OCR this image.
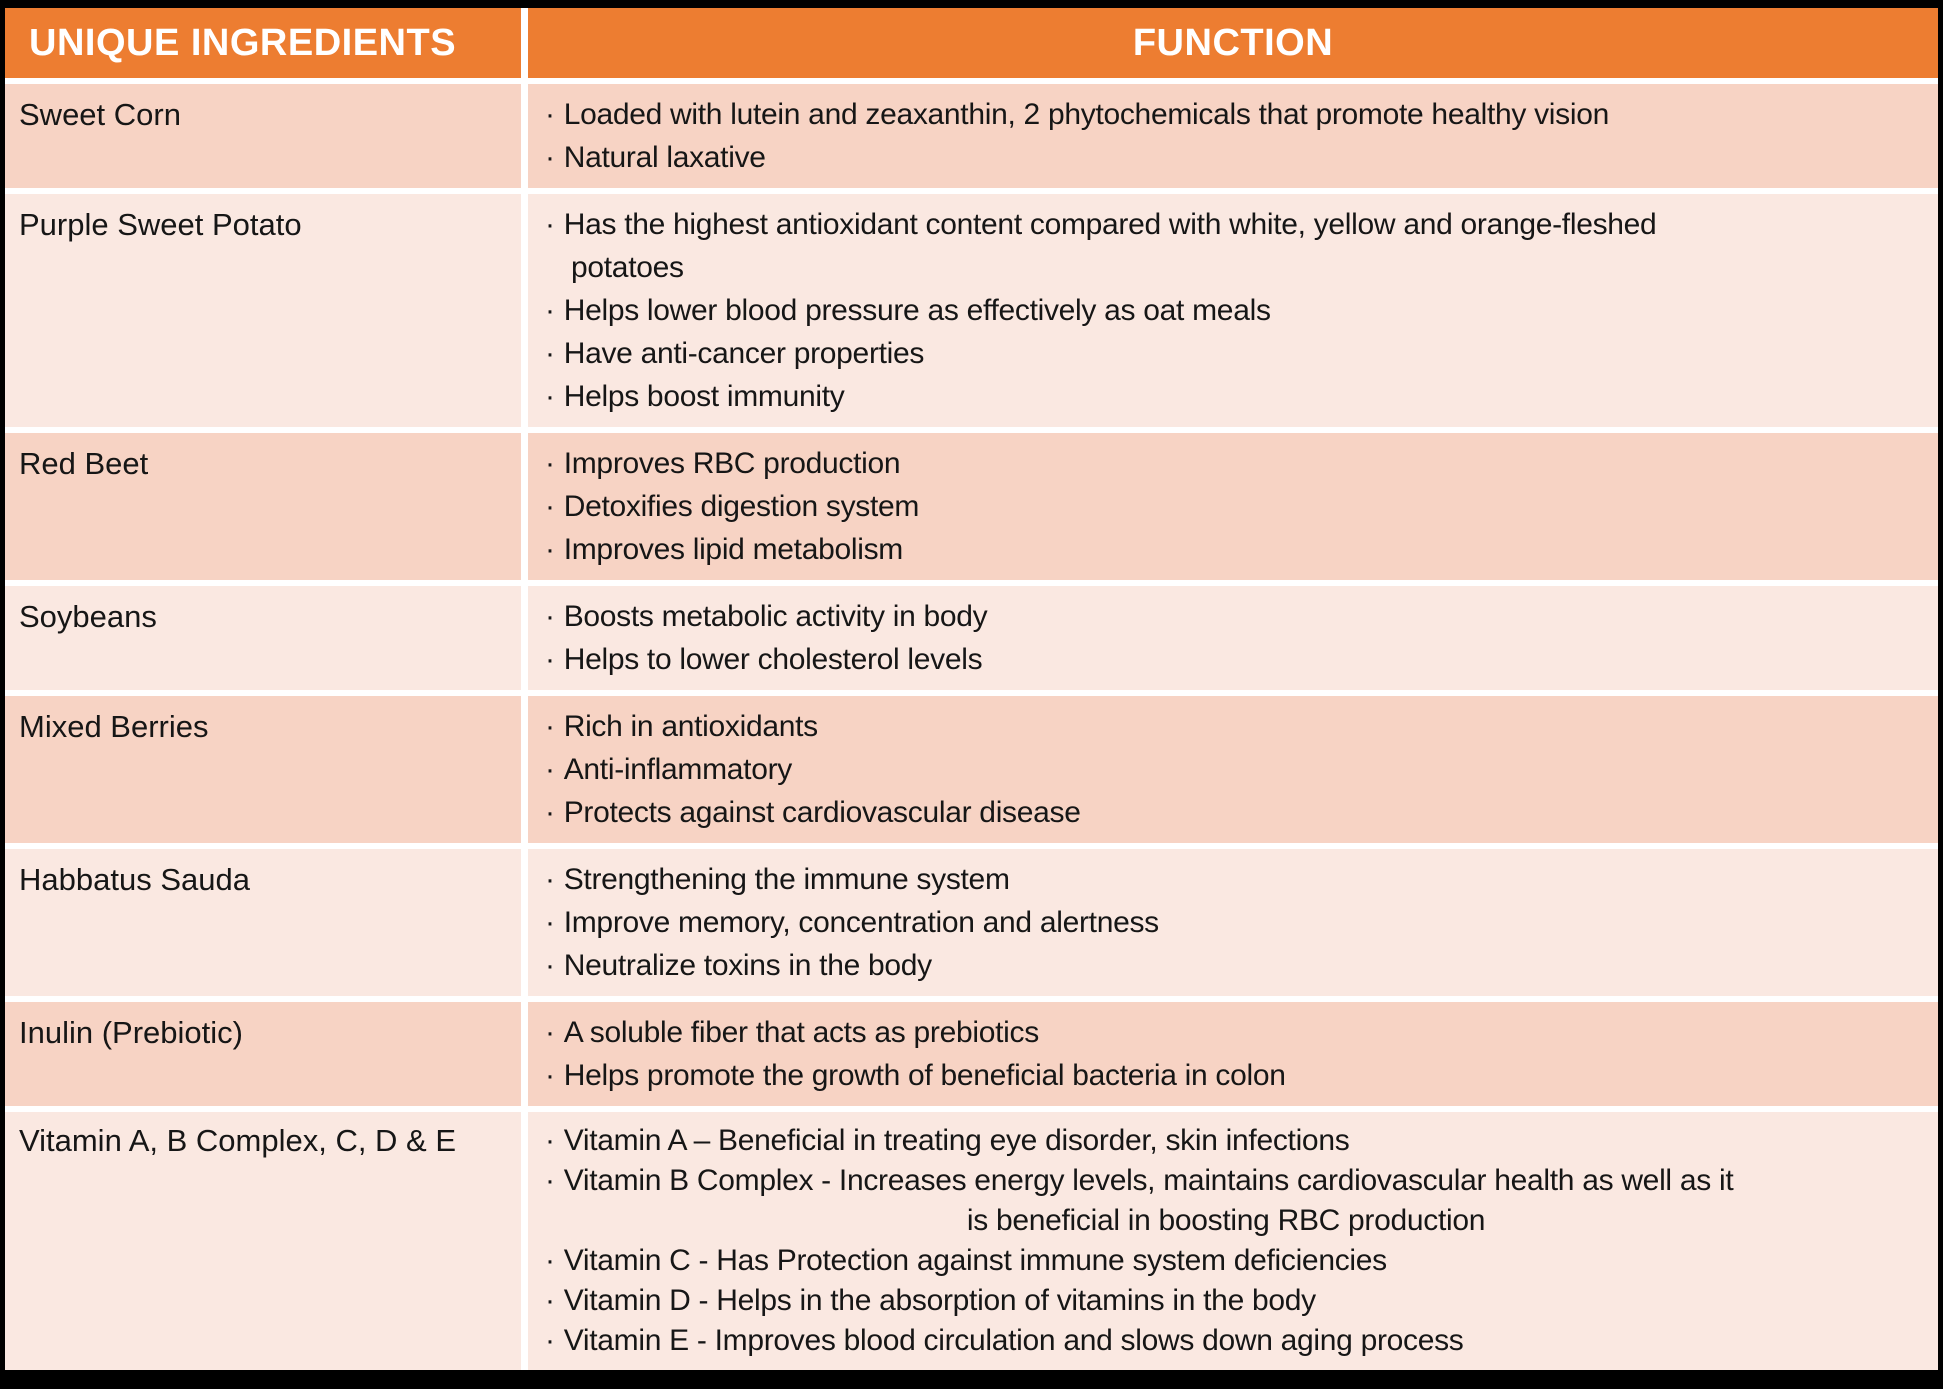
UNIQUE INGREDIENTS	FUNCTION
Sweet Corn	· Loaded with lutein and zeaxanthin, 2 phytochemicals that promote healthy vision
· Natural laxative
Purple Sweet Potato	· Has the highest antioxidant content compared with white, yellow and orange-fleshed
potatoes
· Helps lower blood pressure as effectively as oat meals
· Have anti-cancer properties
· Helps boost immunity
Red Beet	· Improves RBC production
· Detoxifies digestion system
· Improves lipid metabolism
Soybeans	· Boosts metabolic activity in body
· Helps to lower cholesterol levels
Mixed Berries	· Rich in antioxidants
· Anti-inflammatory
· Protects against cardiovascular disease
Habbatus Sauda	· Strengthening the immune system
· Improve memory, concentration and alertness
· Neutralize toxins in the body
Inulin (Prebiotic)	· A soluble fiber that acts as prebiotics
· Helps promote the growth of beneficial bacteria in colon
Vitamin A, B Complex, C, D & E	· Vitamin A – Beneficial in treating eye disorder, skin infections
· Vitamin B Complex - Increases energy levels, maintains cardiovascular health as well as it
is beneficial in boosting RBC production
· Vitamin C - Has Protection against immune system deficiencies
· Vitamin D - Helps in the absorption of vitamins in the body
· Vitamin E - Improves blood circulation and slows down aging process
